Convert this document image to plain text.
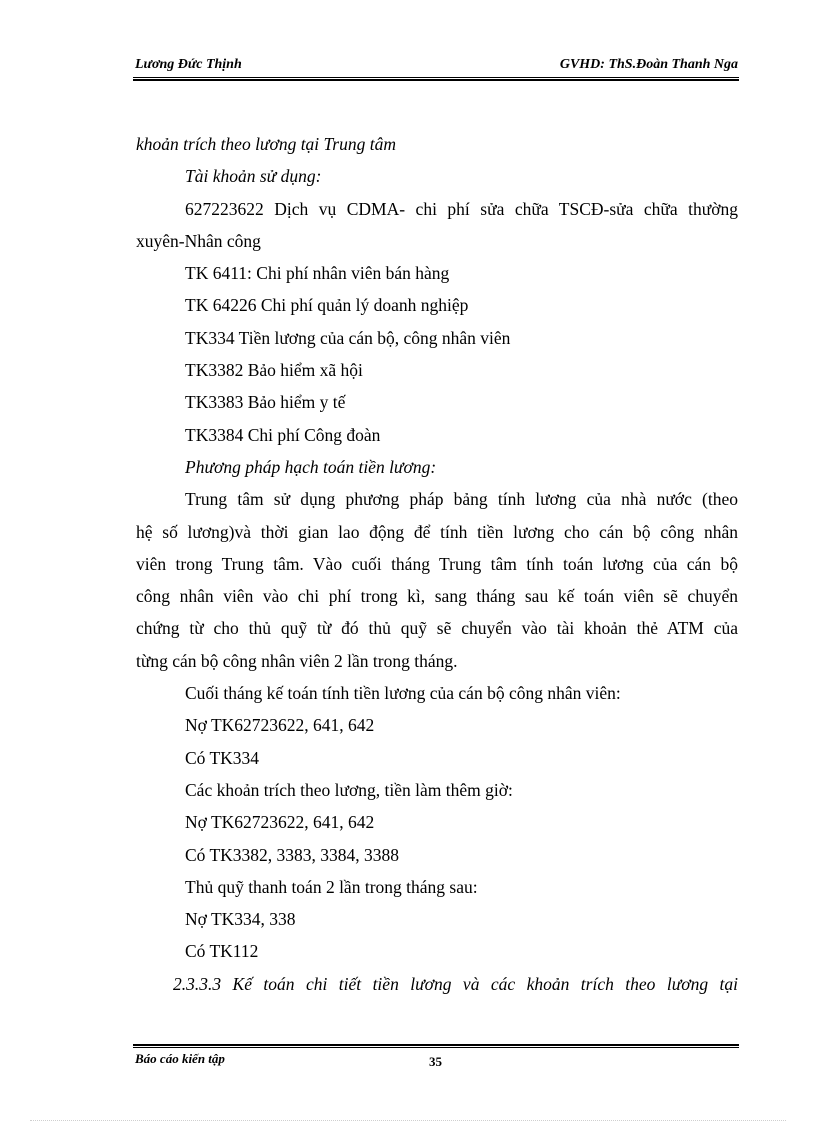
Lương Đức Thịnh	GVHD: ThS.Đoàn Thanh Nga
khoản trích theo lương tại Trung tâm
Tài khoản sử dụng:
627223622 Dịch vụ CDMA- chi phí sửa chữa TSCĐ-sửa chữa thường
xuyên-Nhân công
TK 6411: Chi phí nhân viên bán hàng
TK 64226 Chi phí quản lý doanh nghiệp
TK334 Tiền lương của cán bộ, công nhân viên
TK3382 Bảo hiểm xã hội
TK3383 Bảo hiểm y tế
TK3384 Chi phí Công đoàn
Phương pháp hạch toán tiền lương:
Trung tâm sử dụng phương pháp bảng tính lương của nhà nước (theo
hệ số lương)và thời gian lao động để tính tiền lương cho cán bộ công nhân
viên trong Trung tâm. Vào cuối tháng Trung tâm tính toán lương của cán bộ
công nhân viên vào chi phí trong kì, sang tháng sau kế toán viên sẽ chuyển
chứng từ cho thủ quỹ từ đó thủ quỹ sẽ chuyển vào tài khoản thẻ ATM của
từng cán bộ công nhân viên 2 lần trong tháng.
Cuối tháng kế toán tính tiền lương của cán bộ công nhân viên:
Nợ TK62723622, 641, 642
Có TK334
Các khoản trích theo lương, tiền làm thêm giờ:
Nợ TK62723622, 641, 642
Có TK3382, 3383, 3384, 3388
Thủ quỹ thanh toán 2 lần trong tháng sau:
Nợ TK334, 338
Có TK112
2.3.3.3 Kế toán chi tiết tiền lương và các khoản trích theo lương tại
Báo cáo kiến tập	35
